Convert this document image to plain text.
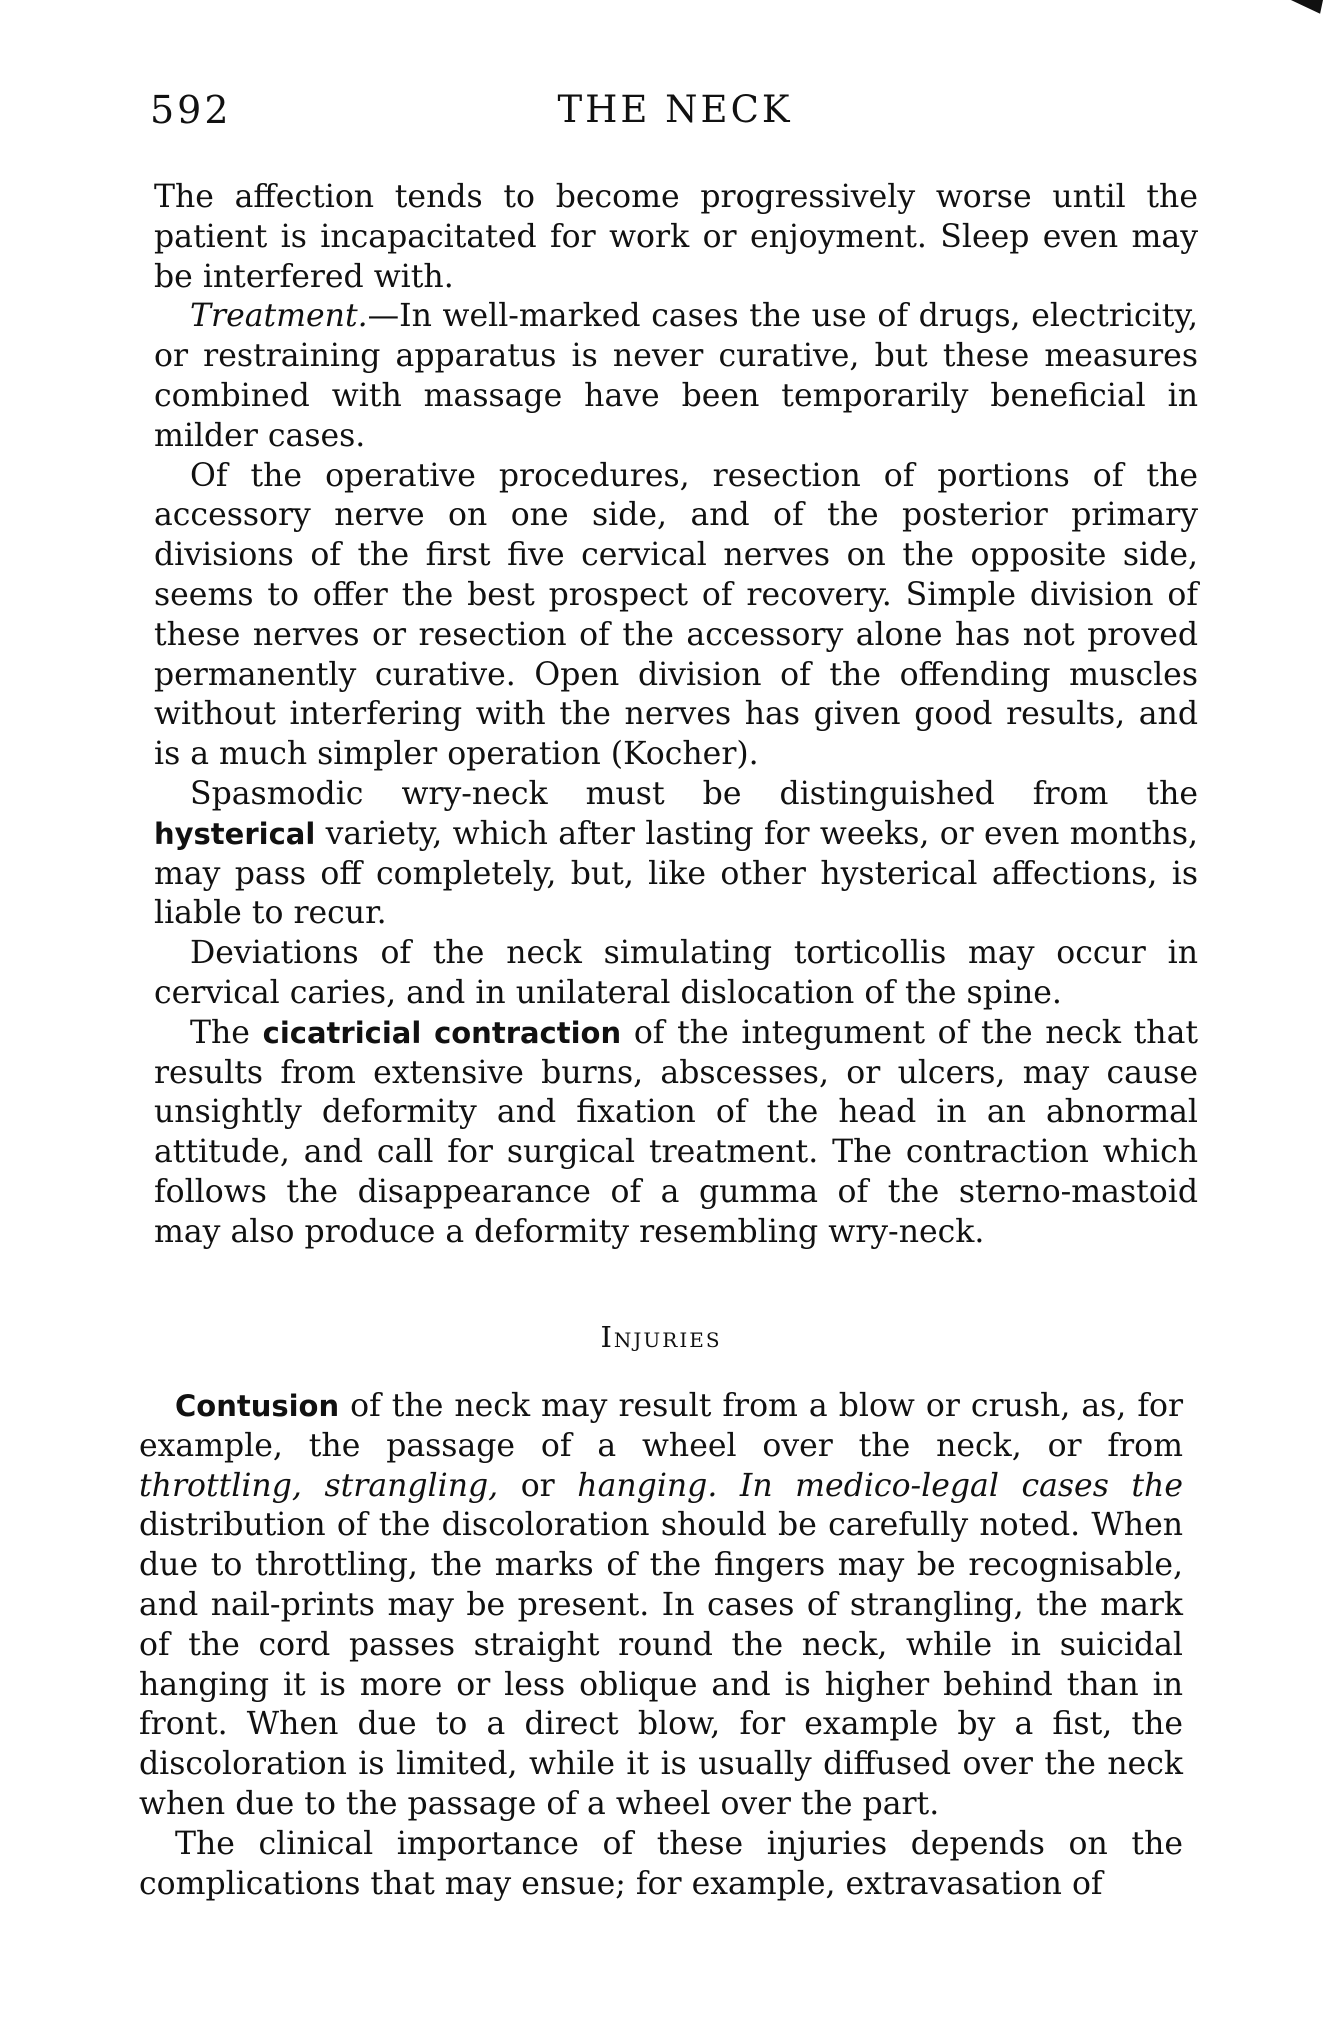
592	THE NECK

The affection tends to become progressively worse until the patient is incapacitated for work or enjoyment. Sleep even may be interfered with.

Treatment.—In well-marked cases the use of drugs, electricity, or restraining apparatus is never curative, but these measures combined with massage have been temporarily beneficial in milder cases.

Of the operative procedures, resection of portions of the accessory nerve on one side, and of the posterior primary divisions of the first five cervical nerves on the opposite side, seems to offer the best prospect of recovery. Simple division of these nerves or resection of the accessory alone has not proved permanently curative. Open division of the offending muscles without interfering with the nerves has given good results, and is a much simpler operation (Kocher).

Spasmodic wry-neck must be distinguished from the hysterical variety, which after lasting for weeks, or even months, may pass off completely, but, like other hysterical affections, is liable to recur.

Deviations of the neck simulating torticollis may occur in cervical caries, and in unilateral dislocation of the spine.

The cicatricial contraction of the integument of the neck that results from extensive burns, abscesses, or ulcers, may cause unsightly deformity and fixation of the head in an abnormal attitude, and call for surgical treatment. The contraction which follows the disappearance of a gumma of the sterno-mastoid may also produce a deformity resembling wry-neck.

Injuries

Contusion of the neck may result from a blow or crush, as, for example, the passage of a wheel over the neck, or from throttling, strangling, or hanging. In medico-legal cases the distribution of the discoloration should be carefully noted. When due to throttling, the marks of the fingers may be recognisable, and nail-prints may be present. In cases of strangling, the mark of the cord passes straight round the neck, while in suicidal hanging it is more or less oblique and is higher behind than in front. When due to a direct blow, for example by a fist, the discoloration is limited, while it is usually diffused over the neck when due to the passage of a wheel over the part.

The clinical importance of these injuries depends on the complications that may ensue; for example, extravasation of
